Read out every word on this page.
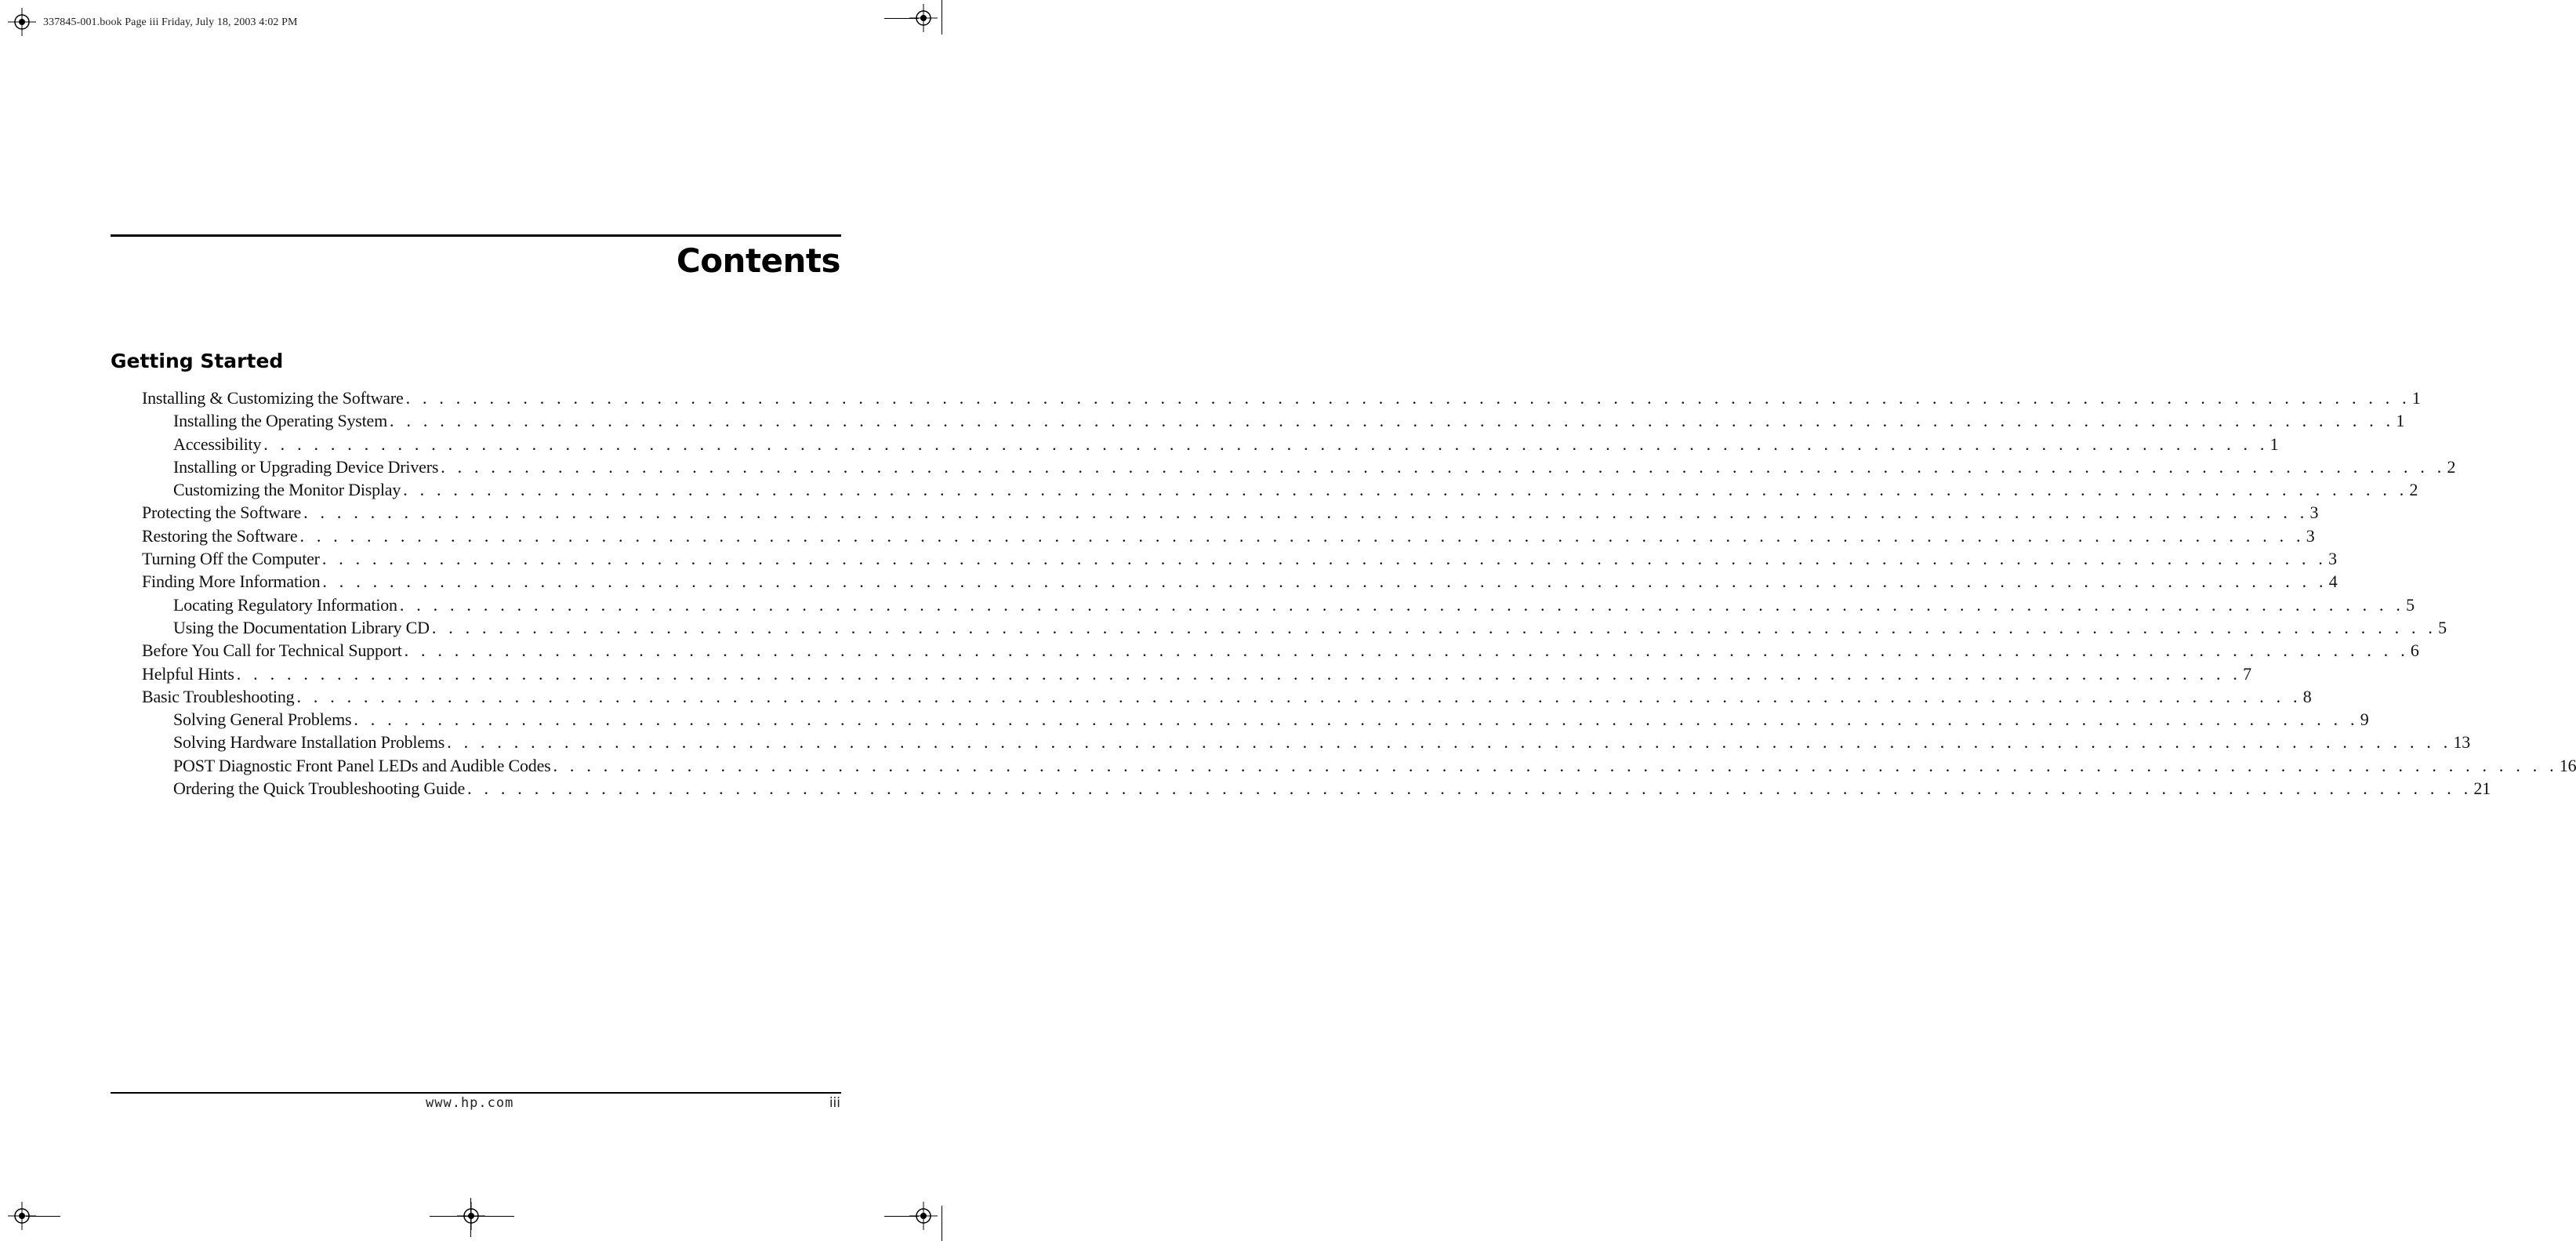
337845-001.book Page iii Friday, July 18, 2003 4:02 PM
Contents
Getting Started
Installing & Customizing the Software . . . . . . . . . . . . . . . . . . . . . . . . . . . . . . . . . . . . . . . . . . . . . . . . . . . . . . . . . . . . . . . . . . . . . . . . . . . . . . . . . . . . . . . . . . . . . . . . . . . . . . . . . . . . . . . . . . . . . . . . 1
Installing the Operating System . . . . . . . . . . . . . . . . . . . . . . . . . . . . . . . . . . . . . . . . . . . . . . . . . . . . . . . . . . . . . . . . . . . . . . . . . . . . . . . . . . . . . . . . . . . . . . . . . . . . . . . . . . . . . . . . . . . . . . . . 1
Accessibility . . . . . . . . . . . . . . . . . . . . . . . . . . . . . . . . . . . . . . . . . . . . . . . . . . . . . . . . . . . . . . . . . . . . . . . . . . . . . . . . . . . . . . . . . . . . . . . . . . . . . . . . . . . . . . . . . . . . . . . . 1
Installing or Upgrading Device Drivers . . . . . . . . . . . . . . . . . . . . . . . . . . . . . . . . . . . . . . . . . . . . . . . . . . . . . . . . . . . . . . . . . . . . . . . . . . . . . . . . . . . . . . . . . . . . . . . . . . . . . . . . . . . . . . . . . . . . . . . . 2
Customizing the Monitor Display . . . . . . . . . . . . . . . . . . . . . . . . . . . . . . . . . . . . . . . . . . . . . . . . . . . . . . . . . . . . . . . . . . . . . . . . . . . . . . . . . . . . . . . . . . . . . . . . . . . . . . . . . . . . . . . . . . . . . . . . 2
Protecting the Software . . . . . . . . . . . . . . . . . . . . . . . . . . . . . . . . . . . . . . . . . . . . . . . . . . . . . . . . . . . . . . . . . . . . . . . . . . . . . . . . . . . . . . . . . . . . . . . . . . . . . . . . . . . . . . . . . . . . . . . . 3
Restoring the Software . . . . . . . . . . . . . . . . . . . . . . . . . . . . . . . . . . . . . . . . . . . . . . . . . . . . . . . . . . . . . . . . . . . . . . . . . . . . . . . . . . . . . . . . . . . . . . . . . . . . . . . . . . . . . . . . . . . . . . . . 3
Turning Off the Computer . . . . . . . . . . . . . . . . . . . . . . . . . . . . . . . . . . . . . . . . . . . . . . . . . . . . . . . . . . . . . . . . . . . . . . . . . . . . . . . . . . . . . . . . . . . . . . . . . . . . . . . . . . . . . . . . . . . . . . . . 3
Finding More Information . . . . . . . . . . . . . . . . . . . . . . . . . . . . . . . . . . . . . . . . . . . . . . . . . . . . . . . . . . . . . . . . . . . . . . . . . . . . . . . . . . . . . . . . . . . . . . . . . . . . . . . . . . . . . . . . . . . . . . . . 4
Locating Regulatory Information . . . . . . . . . . . . . . . . . . . . . . . . . . . . . . . . . . . . . . . . . . . . . . . . . . . . . . . . . . . . . . . . . . . . . . . . . . . . . . . . . . . . . . . . . . . . . . . . . . . . . . . . . . . . . . . . . . . . . . . . 5
Using the Documentation Library CD . . . . . . . . . . . . . . . . . . . . . . . . . . . . . . . . . . . . . . . . . . . . . . . . . . . . . . . . . . . . . . . . . . . . . . . . . . . . . . . . . . . . . . . . . . . . . . . . . . . . . . . . . . . . . . . . . . . . . . . . 5
Before You Call for Technical Support . . . . . . . . . . . . . . . . . . . . . . . . . . . . . . . . . . . . . . . . . . . . . . . . . . . . . . . . . . . . . . . . . . . . . . . . . . . . . . . . . . . . . . . . . . . . . . . . . . . . . . . . . . . . . . . . . . . . . . . . 6
Helpful Hints . . . . . . . . . . . . . . . . . . . . . . . . . . . . . . . . . . . . . . . . . . . . . . . . . . . . . . . . . . . . . . . . . . . . . . . . . . . . . . . . . . . . . . . . . . . . . . . . . . . . . . . . . . . . . . . . . . . . . . . . 7
Basic Troubleshooting . . . . . . . . . . . . . . . . . . . . . . . . . . . . . . . . . . . . . . . . . . . . . . . . . . . . . . . . . . . . . . . . . . . . . . . . . . . . . . . . . . . . . . . . . . . . . . . . . . . . . . . . . . . . . . . . . . . . . . . . 8
Solving General Problems . . . . . . . . . . . . . . . . . . . . . . . . . . . . . . . . . . . . . . . . . . . . . . . . . . . . . . . . . . . . . . . . . . . . . . . . . . . . . . . . . . . . . . . . . . . . . . . . . . . . . . . . . . . . . . . . . . . . . . . . 9
Solving Hardware Installation Problems . . . . . . . . . . . . . . . . . . . . . . . . . . . . . . . . . . . . . . . . . . . . . . . . . . . . . . . . . . . . . . . . . . . . . . . . . . . . . . . . . . . . . . . . . . . . . . . . . . . . . . . . . . . . . . . . . . . . . . . . 13
POST Diagnostic Front Panel LEDs and Audible Codes . . . . . . . . . . . . . . . . . . . . . . . . . . . . . . . . . . . . . . . . . . . . . . . . . . . . . . . . . . . . . . . . . . . . . . . . . . . . . . . . . . . . . . . . . . . . . . . . . . . . . . . . . . . . . . . . . . . . . . . . 16
Ordering the Quick Troubleshooting Guide . . . . . . . . . . . . . . . . . . . . . . . . . . . . . . . . . . . . . . . . . . . . . . . . . . . . . . . . . . . . . . . . . . . . . . . . . . . . . . . . . . . . . . . . . . . . . . . . . . . . . . . . . . . . . . . . . . . . . . . . 21
www.hp.com	iii
